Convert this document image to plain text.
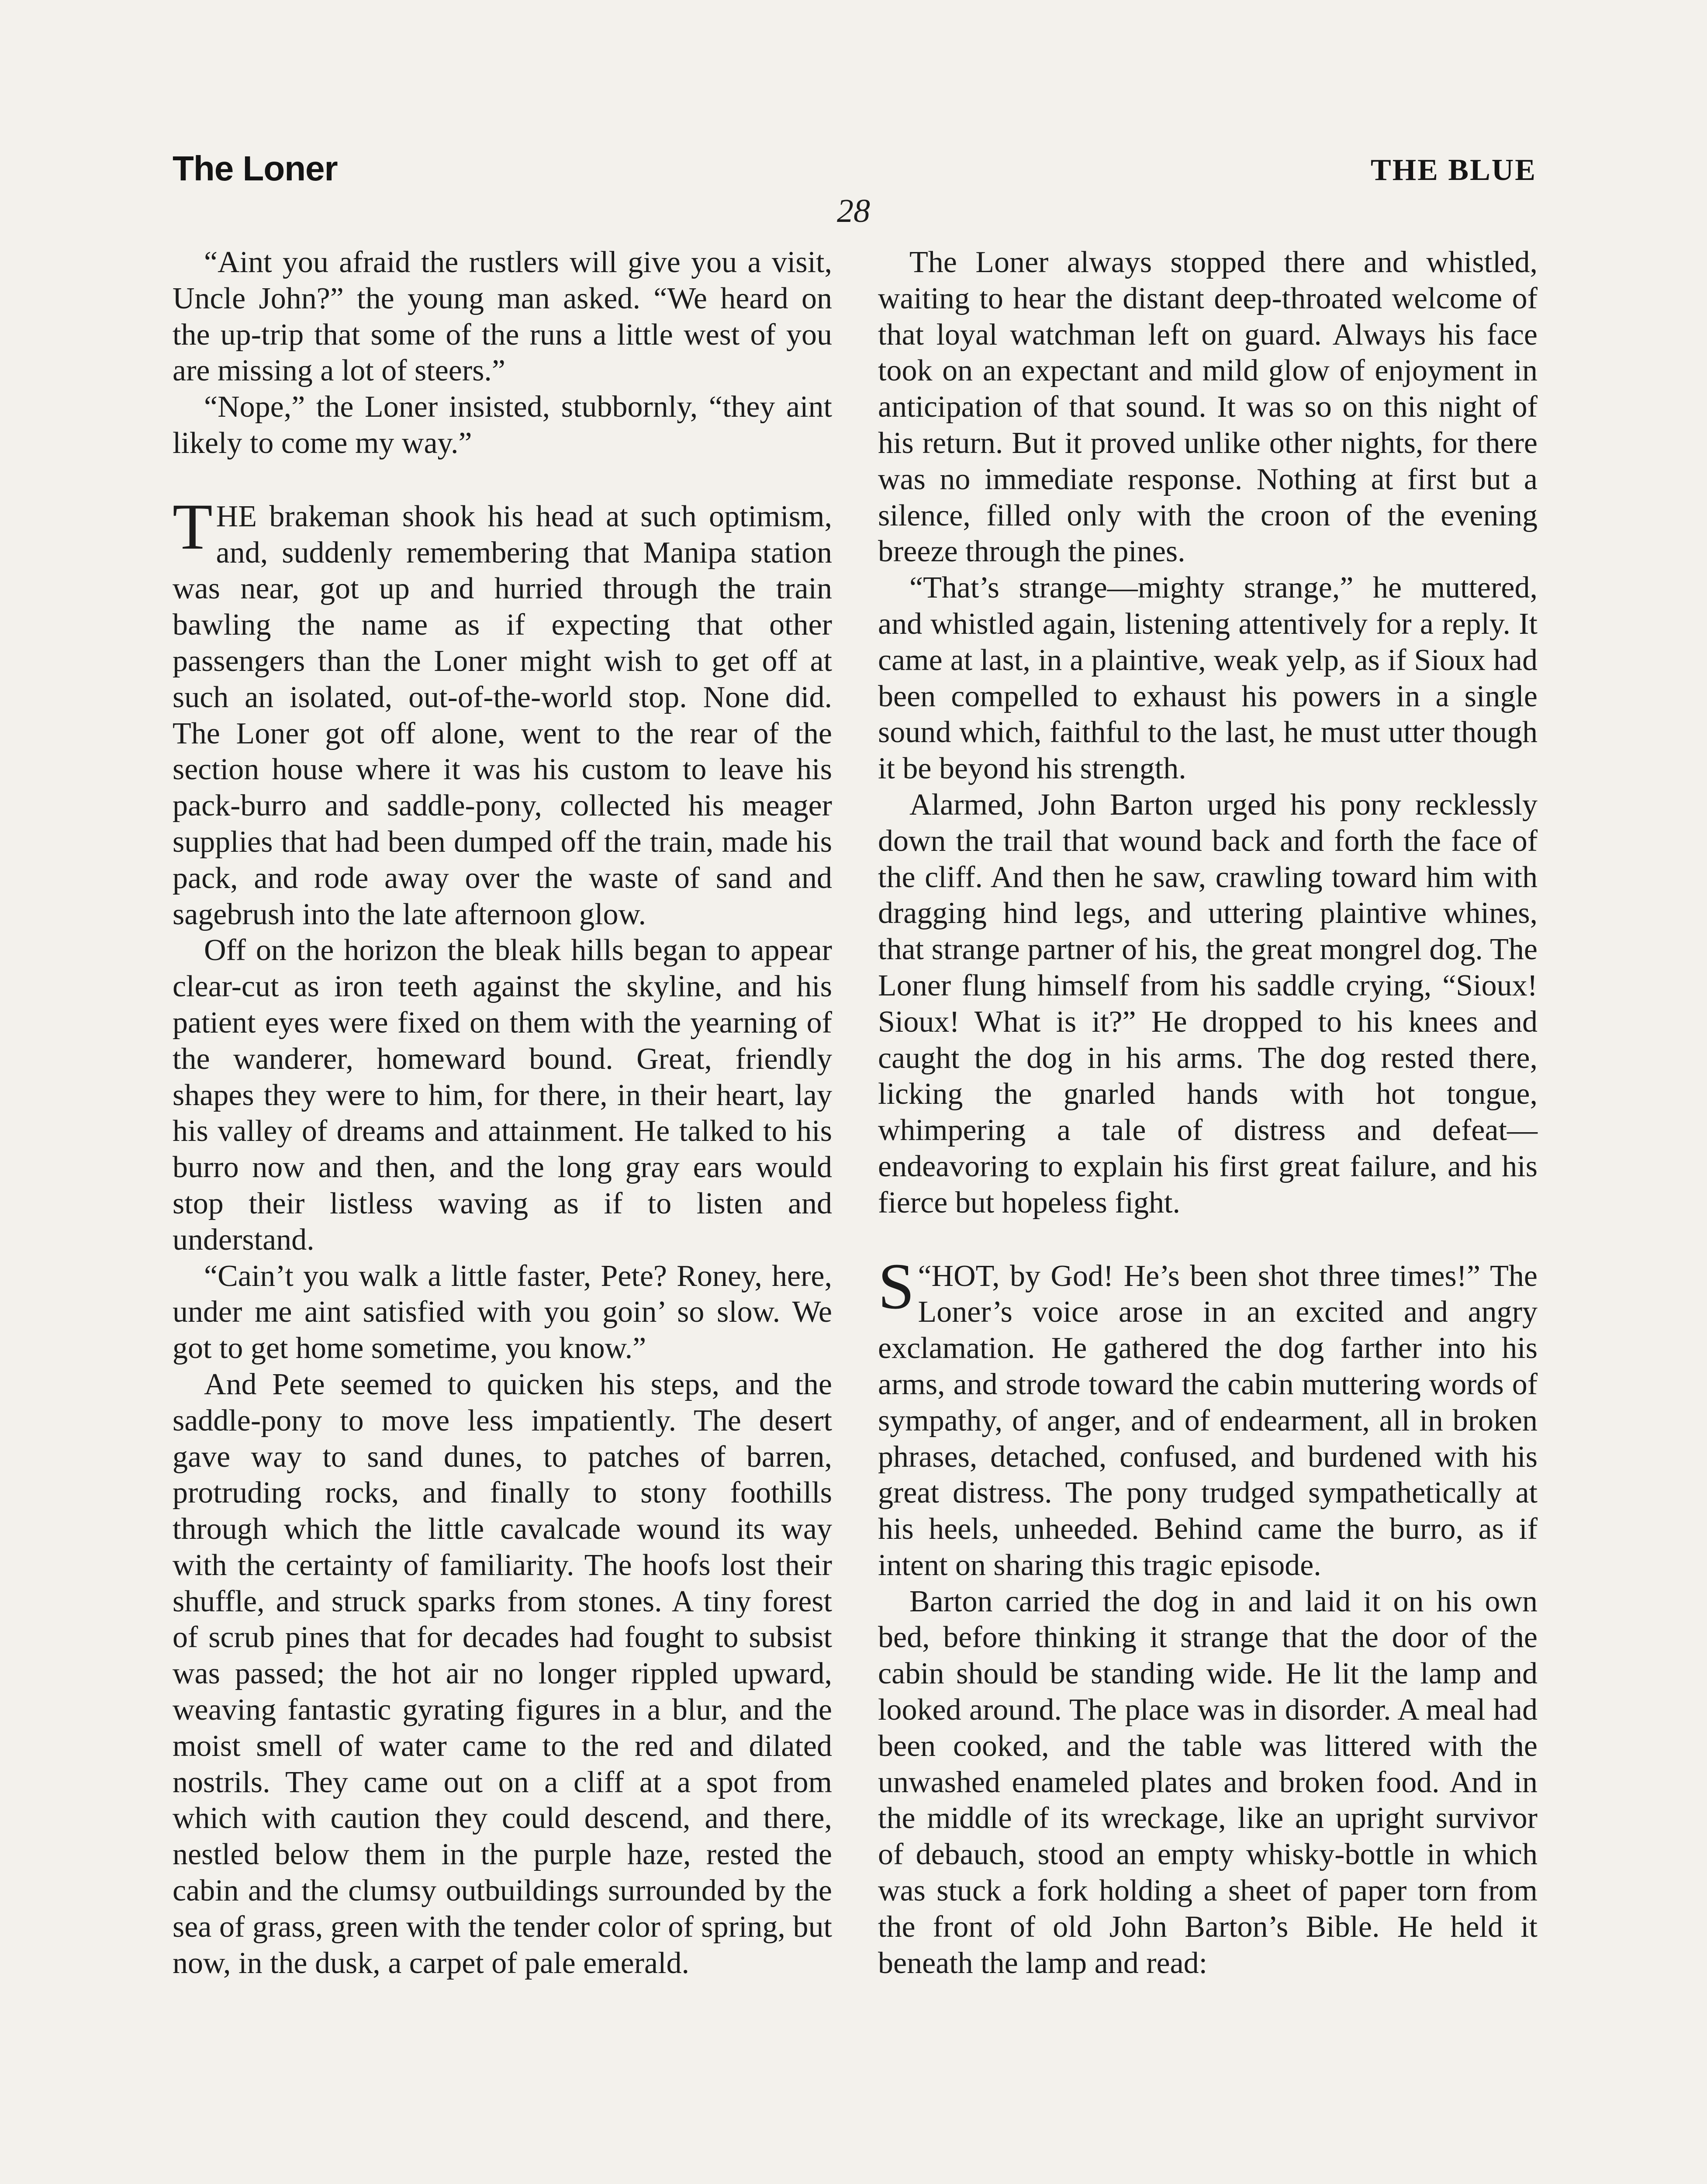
The Loner	THE BLUE
28

“Aint you afraid the rustlers will give you a visit, Uncle John?” the young man asked. “We heard on the up-trip that some of the runs a little west of you are missing a lot of steers.”

“Nope,” the Loner insisted, stubbornly, “they aint likely to come my way.”

THE brakeman shook his head at such optimism, and, suddenly remembering that Manipa station was near, got up and hurried through the train bawling the name as if expecting that other passengers than the Loner might wish to get off at such an isolated, out-of-the-world stop. None did. The Loner got off alone, went to the rear of the section house where it was his custom to leave his pack-burro and saddle-pony, collected his meager supplies that had been dumped off the train, made his pack, and rode away over the waste of sand and sagebrush into the late afternoon glow.

Off on the horizon the bleak hills began to appear clear-cut as iron teeth against the skyline, and his patient eyes were fixed on them with the yearning of the wanderer, homeward bound. Great, friendly shapes they were to him, for there, in their heart, lay his valley of dreams and attainment. He talked to his burro now and then, and the long gray ears would stop their listless waving as if to listen and understand.

“Cain’t you walk a little faster, Pete? Roney, here, under me aint satisfied with you goin’ so slow. We got to get home sometime, you know.”

And Pete seemed to quicken his steps, and the saddle-pony to move less impatiently. The desert gave way to sand dunes, to patches of barren, protruding rocks, and finally to stony foothills through which the little cavalcade wound its way with the certainty of familiarity. The hoofs lost their shuffle, and struck sparks from stones. A tiny forest of scrub pines that for decades had fought to subsist was passed; the hot air no longer rippled upward, weaving fantastic gyrating figures in a blur, and the moist smell of water came to the red and dilated nostrils. They came out on a cliff at a spot from which with caution they could descend, and there, nestled below them in the purple haze, rested the cabin and the clumsy outbuildings surrounded by the sea of grass, green with the tender color of spring, but now, in the dusk, a carpet of pale emerald.

The Loner always stopped there and whistled, waiting to hear the distant deep-throated welcome of that loyal watchman left on guard. Always his face took on an expectant and mild glow of enjoyment in anticipation of that sound. It was so on this night of his return. But it proved unlike other nights, for there was no immediate response. Nothing at first but a silence, filled only with the croon of the evening breeze through the pines.

“That’s strange—mighty strange,” he muttered, and whistled again, listening attentively for a reply. It came at last, in a plaintive, weak yelp, as if Sioux had been compelled to exhaust his powers in a single sound which, faithful to the last, he must utter though it be beyond his strength.

Alarmed, John Barton urged his pony recklessly down the trail that wound back and forth the face of the cliff. And then he saw, crawling toward him with dragging hind legs, and uttering plaintive whines, that strange partner of his, the great mongrel dog. The Loner flung himself from his saddle crying, “Sioux! Sioux! What is it?” He dropped to his knees and caught the dog in his arms. The dog rested there, licking the gnarled hands with hot tongue, whimpering a tale of distress and defeat—endeavoring to explain his first great failure, and his fierce but hopeless fight.

“
S HOT, by God! He’s been shot three times!” The Loner’s voice arose in an excited and angry exclamation. He gathered the dog farther into his arms, and strode toward the cabin muttering words of sympathy, of anger, and of endearment, all in broken phrases, detached, confused, and burdened with his great distress. The pony trudged sympathetically at his heels, unheeded. Behind came the burro, as if intent on sharing this tragic episode.

Barton carried the dog in and laid it on his own bed, before thinking it strange that the door of the cabin should be standing wide. He lit the lamp and looked around. The place was in disorder. A meal had been cooked, and the table was littered with the unwashed enameled plates and broken food. And in the middle of its wreckage, like an upright survivor of debauch, stood an empty whisky-bottle in which was stuck a fork holding a sheet of paper torn from the front of old John Barton’s Bible. He held it beneath the lamp and read:
